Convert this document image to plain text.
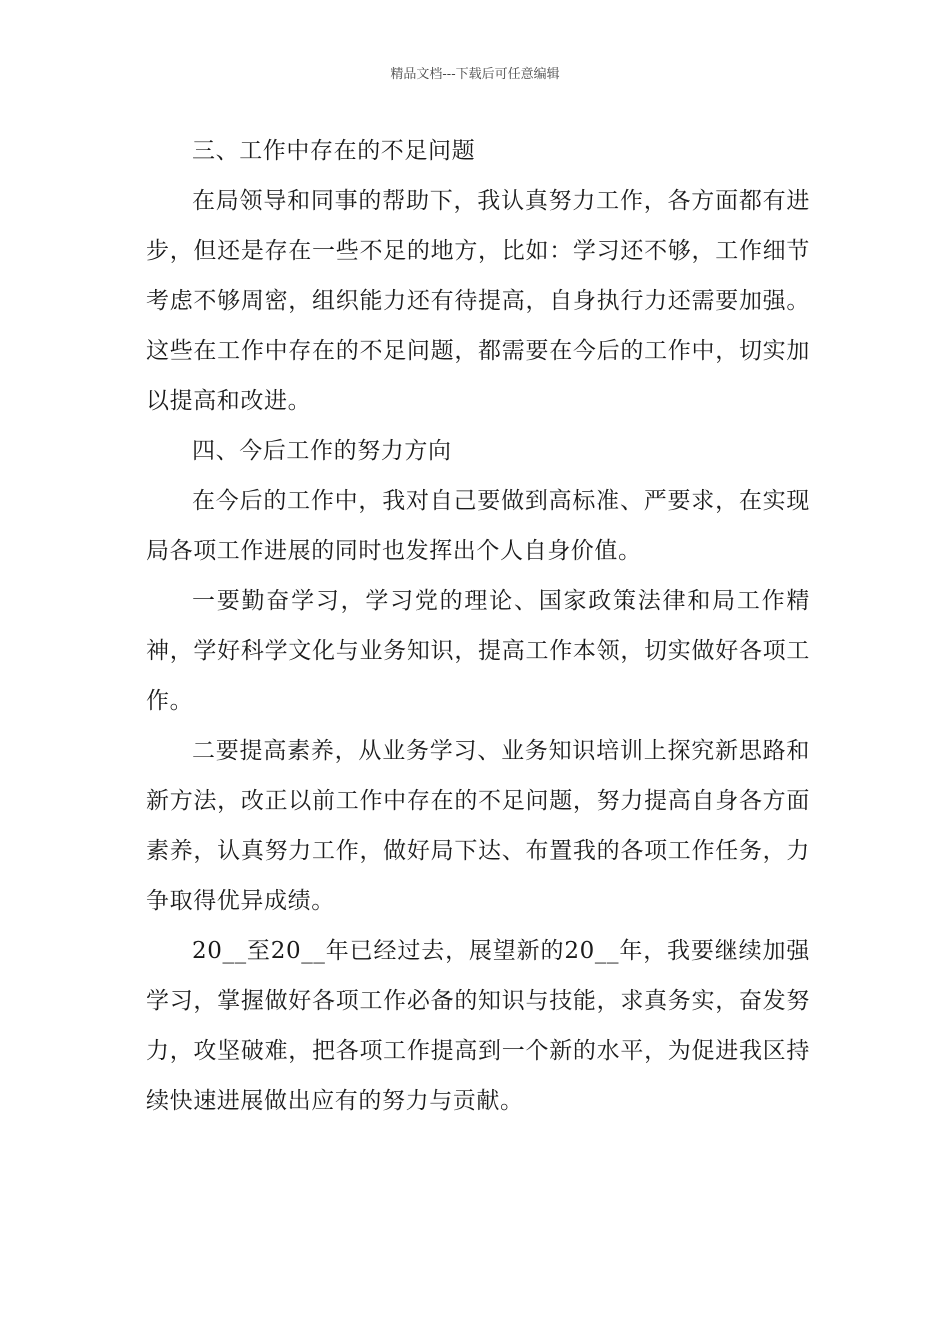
精品文档---下载后可任意编辑

三、工作中存在的不足问题

在局领导和同事的帮助下，我认真努力工作，各方面都有进步，但还是存在一些不足的地方，比如：学习还不够，工作细节考虑不够周密，组织能力还有待提高，自身执行力还需要加强。这些在工作中存在的不足问题，都需要在今后的工作中，切实加以提高和改进。

四、今后工作的努力方向

在今后的工作中，我对自己要做到高标准、严要求，在实现局各项工作进展的同时也发挥出个人自身价值。

一要勤奋学习，学习党的理论、国家政策法律和局工作精神，学好科学文化与业务知识，提高工作本领，切实做好各项工作。

二要提高素养，从业务学习、业务知识培训上探究新思路和新方法，改正以前工作中存在的不足问题，努力提高自身各方面素养，认真努力工作，做好局下达、布置我的各项工作任务，力争取得优异成绩。

20__至20__年已经过去，展望新的20__年，我要继续加强学习，掌握做好各项工作必备的知识与技能，求真务实，奋发努力，攻坚破难，把各项工作提高到一个新的水平，为促进我区持续快速进展做出应有的努力与贡献。
